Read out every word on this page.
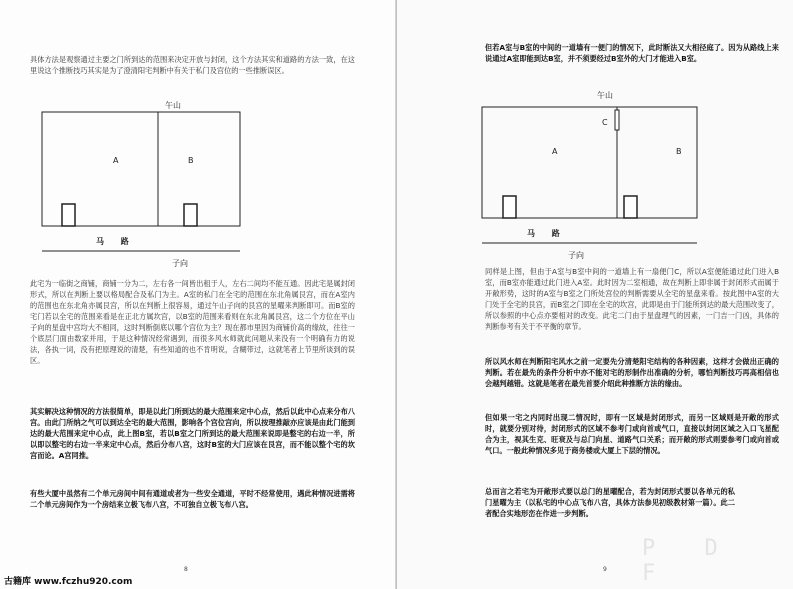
具体方法是观察通过主要之门所到达的范围来决定开放与封闭，这个方法其实和道路的方法一致，在这里说这个推断技巧其实是为了澄清阳宅判断中有关于私门及宫位的一些推断误区。

午山
A	B
马      路
子向

此宅为一临街之商铺，商铺一分为二，左右各一间皆出租于人，左右二间均不能互通。因此宅是属封闭形式，所以在判断上要以格局配合及私门为主。A室的私门在全宅的范围在东北角属艮宫，而在A室内的范围也在东北角亦属艮宫，所以在判断上很容易，通过午山子向的艮宫的星曜来判断即可。而B室的宅门若以全宅的范围来看是在正北方属坎宫，以B室的范围来看则在东北角属艮宫，这二个方位在平山子向的星盘中宫均大不相同，这时判断倒底以哪个宫位为主？现在都市里因为商铺价高的缘故，往往一个底层门面由数家并用，于是这种情况经常遇到，而很多风水师就此问题从来没有一个明确有力的说法，各执一词，没有把原理说的清楚，有些知道的也不肯明说，含糊带过，这就笔者上节里所谈到的误区。

其实解决这种情况的方法很简单，即是以此门所到达的最大范围来定中心点，然后以此中心点来分布八宫。由此门所纳之气可以到达全宅的最大范围，影响各个宫位宫向，所以按理推敲亦应该是由此门能到达的最大范围来定中心点，此上图B室，若以B室之门所到达的最大范围来说即是整宅的右边一半，所以即以整宅的右边一半来定中心点，然后分布八宫，这时B室的大门应该在艮宫，而不能以整个宅的坎宫而论。A宫同推。

有些大厦中虽然有二个单元房间中间有通道或者为一些安全通道，平时不经常使用，遇此种情况进需将二个单元房间作为一个房结来立极飞布八宫，不可独自立极飞布八宫。

8

但若A室与B室的中间的一道墙有一便门的情况下，此时断法又大相径庭了。因为从路线上来说通过A室即能到达B室，并不须要经过B室外的大门才能进入B室。

午山
C
A	B
马      路
子向

同样是上图，但由于A室与B室中间的一道墙上有一扇便门C，所以A室便能通过此门进入B室，而B室亦能通过此门进入A室。此时因为二室相通，故在判断上即非属于封闭形式而属于开敞形势，这时的A室与B室之门所处宫位的判断需要从全宅的星盘来看。按此图中A室的大门处于全宅的艮宫，而B室之门即在全宅的坎宫，此即是由于门能所到达的最大范围改变了，所以参照的中心点亦要相对的改变。此宅二门由于星盘理气的因素，一门吉一门凶，具体的判断参考有关于不平衡的章节。

所以风水师在判断阳宅风水之前一定要先分清楚阳宅结构的各种因素，这样才会做出正确的判断。若在最先的条件分析中亦不能对宅的形制作出准确的分析，哪怕判断技巧再高相信也会越判越错。这就是笔者在最先首要介绍此种推断方法的缘由。

但如果一宅之内同时出现二情况时，即有一区域是封闭形式，而另一区域则是开敞的形式时，就要分别对待，封闭形式的区域不参考门或向首或气口，直接以封闭区域之入口飞星配合为主，视其生克、旺衰及与总门向星、道路气口关系；而开敞的形式则要参考门或向首或气口。一般此种情况多见于商务楼或大厦上下层的情况。

总而言之若宅为开敞形式要以总门的星曜配合，若为封闭形式要以各单元的私门星曜为主（以私宅的中心点飞布八宫，具体方法参见初级教材第一篇）。此二者配合实地形峦在作进一步判断。

9
P D F
古籍库 www.fczhu920.com
